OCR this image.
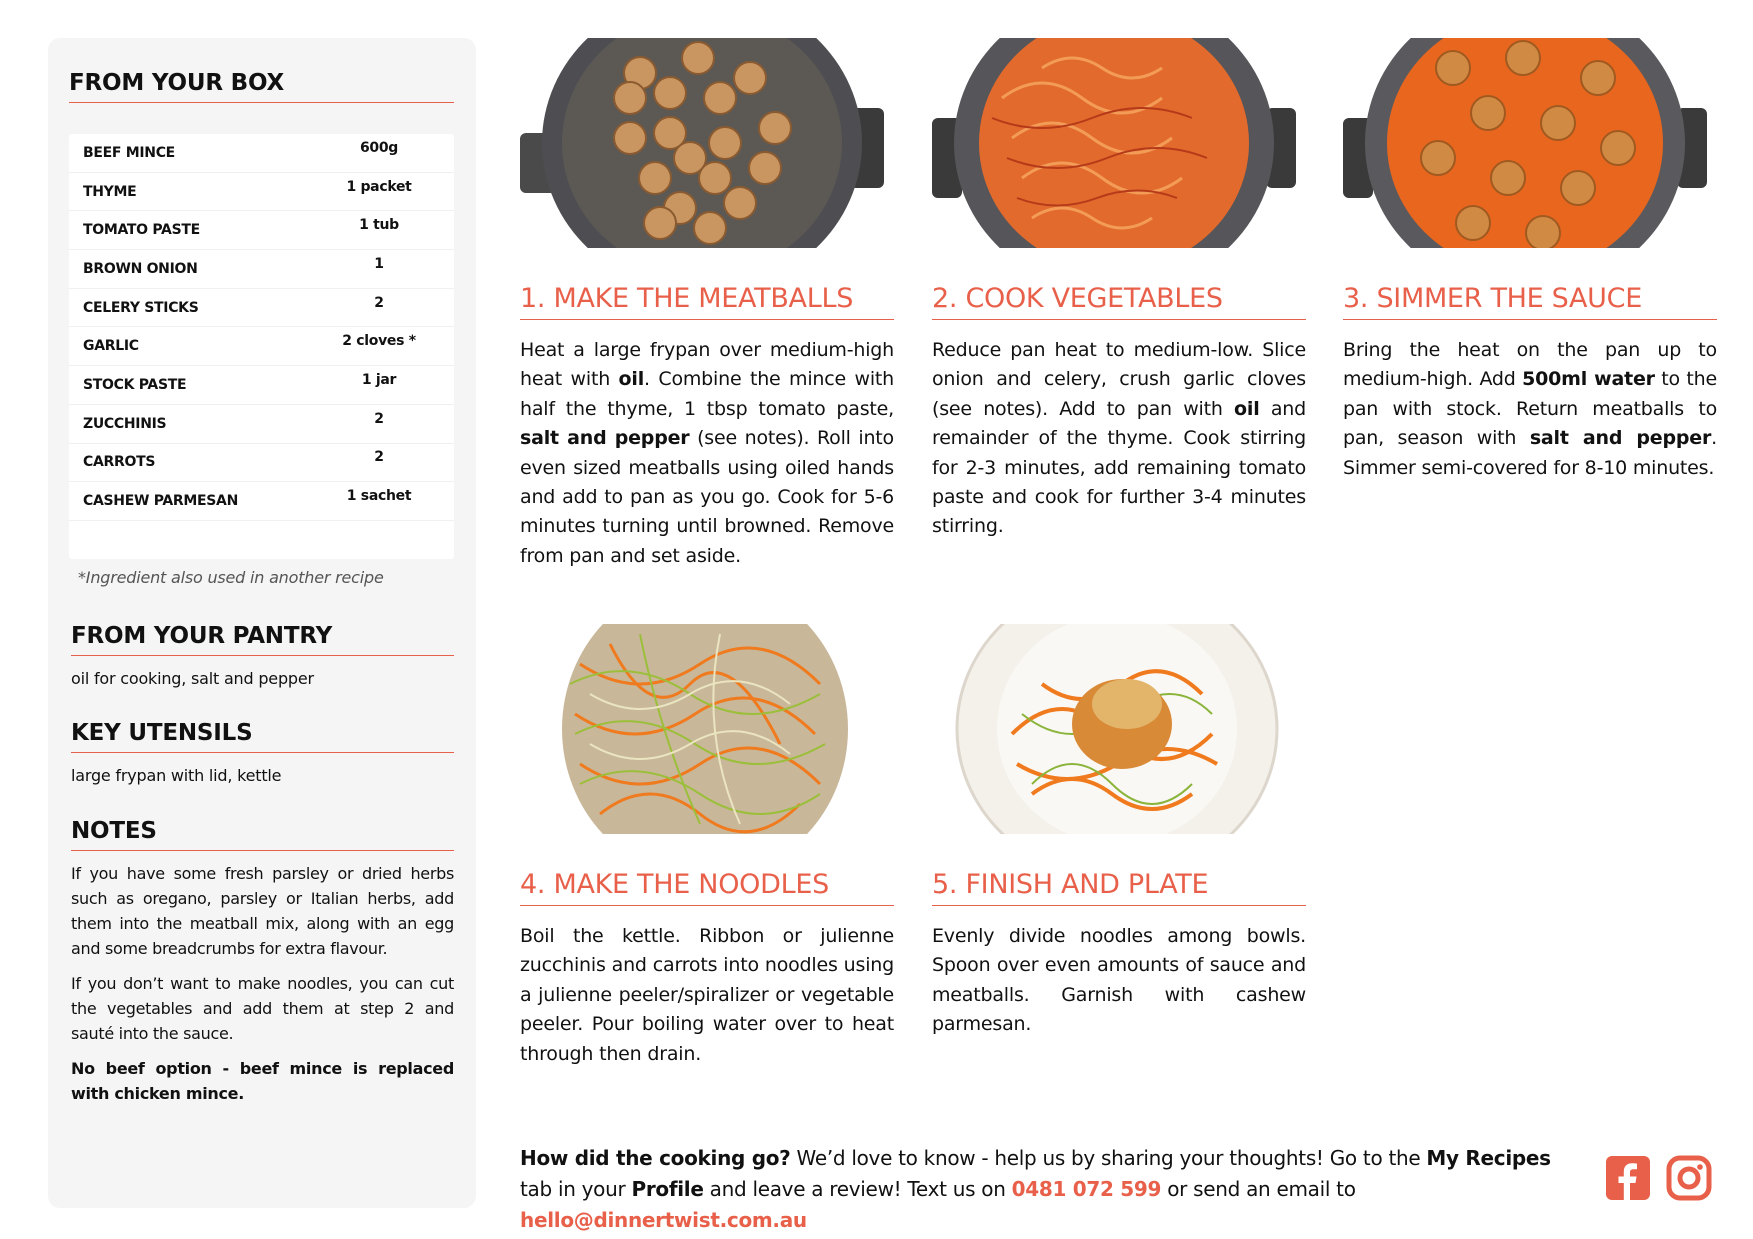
FROM YOUR BOX
BEEF MINCE	600g
THYME	1 packet
TOMATO PASTE	1 tub
BROWN ONION	1
CELERY STICKS	2
GARLIC	2 cloves *
STOCK PASTE	1 jar
ZUCCHINIS	2
CARROTS	2
CASHEW PARMESAN	1 sachet
*Ingredient also used in another recipe
FROM YOUR PANTRY

oil for cooking, salt and pepper

KEY UTENSILS

large frypan with lid, kettle

NOTES

If you have some fresh parsley or dried herbs such as oregano, parsley or Italian herbs, add them into the meatball mix, along with an egg and some breadcrumbs for extra flavour.

If you don’t want to make noodles, you can cut the vegetables and add them at step 2 and sauté into the sauce.

No beef option - beef mince is replaced with chicken mince.

1. MAKE THE MEATBALLS

Heat a large frypan over medium-high heat with oil. Combine the mince with half the thyme, 1 tbsp tomato paste, salt and pepper (see notes). Roll into even sized meatballs using oiled hands and add to pan as you go. Cook for 5-6 minutes turning until browned. Remove from pan and set aside.

2. COOK VEGETABLES

Reduce pan heat to medium-low. Slice onion and celery, crush garlic cloves (see notes). Add to pan with oil and remainder of the thyme. Cook stirring for 2-3 minutes, add remaining tomato paste and cook for further 3-4 minutes stirring.

3. SIMMER THE SAUCE

Bring the heat on the pan up to medium-high. Add 500ml water to the pan with stock. Return meatballs to pan, season with salt and pepper. Simmer semi-covered for 8-10 minutes.

4. MAKE THE NOODLES

Boil the kettle. Ribbon or julienne zucchinis and carrots into noodles using a julienne peeler/spiralizer or vegetable peeler. Pour boiling water over to heat through then drain.

5. FINISH AND PLATE

Evenly divide noodles among bowls. Spoon over even amounts of sauce and meatballs. Garnish with cashew parmesan.

How did the cooking go? We’d love to know - help us by sharing your thoughts! Go to the My Recipes tab in your Profile and leave a review! Text us on 0481 072 599 or send an email to hello@dinnertwist.com.au
